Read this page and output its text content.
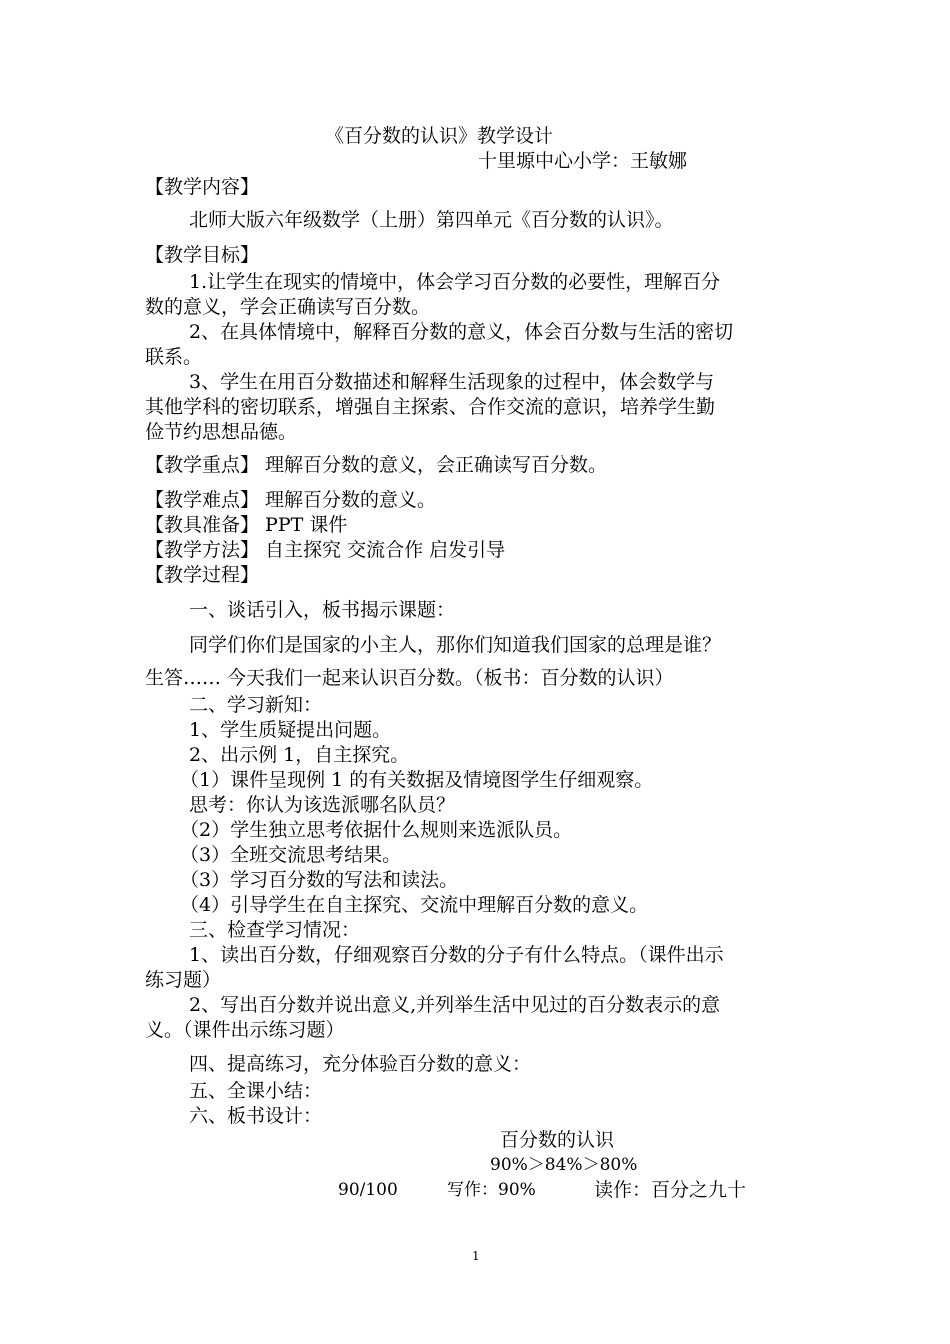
《百分数的认识》教学设计
十里塬中心小学：王敏娜
【教学内容】
北师大版六年级数学（上册）第四单元《百分数的认识》。
【教学目标】
1.让学生在现实的情境中，体会学习百分数的必要性，理解百分
数的意义，学会正确读写百分数。
2、在具体情境中，解释百分数的意义，体会百分数与生活的密切
联系。
3、学生在用百分数描述和解释生活现象的过程中，体会数学与
其他学科的密切联系，增强自主探索、合作交流的意识，培养学生勤
俭节约思想品德。
【教学重点】 理解百分数的意义，会正确读写百分数。
【教学难点】 理解百分数的意义。
【教具准备】 PPT 课件
【教学方法】 自主探究 交流合作 启发引导
【教学过程】
一、谈话引入，板书揭示课题：
同学们你们是国家的小主人，那你们知道我们国家的总理是谁？
生答…… 今天我们一起来认识百分数。（板书：百分数的认识）
二、学习新知：
1、学生质疑提出问题。
2、出示例 1，自主探究。
（1）课件呈现例 1 的有关数据及情境图学生仔细观察。
思考：你认为该选派哪名队员？
（2）学生独立思考依据什么规则来选派队员。
（3）全班交流思考结果。
（3）学习百分数的写法和读法。
（4）引导学生在自主探究、交流中理解百分数的意义。
三、检查学习情况：
1、读出百分数，仔细观察百分数的分子有什么特点。（课件出示
练习题）
2、写出百分数并说出意义,并列举生活中见过的百分数表示的意
义。（课件出示练习题）
四、提高练习，充分体验百分数的意义：
五、全课小结：
六、板书设计：
百分数的认识
90%＞84%＞80%
90/100	写作：90%	读作：百分之九十
1
